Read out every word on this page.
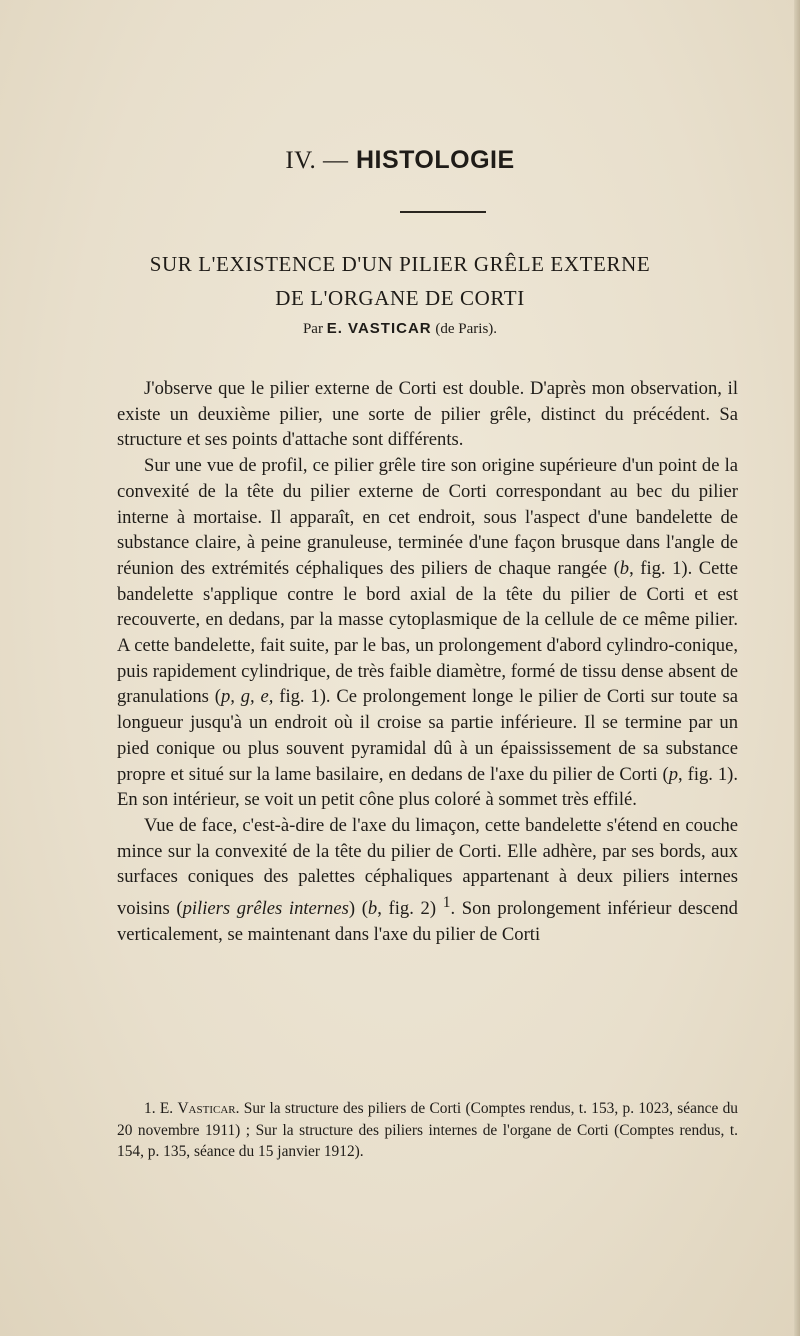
IV. — HISTOLOGIE
SUR L'EXISTENCE D'UN PILIER GRÊLE EXTERNE
DE L'ORGANE DE CORTI
Par E. VASTICAR (de Paris).

J'observe que le pilier externe de Corti est double. D'après mon observation, il existe un deuxième pilier, une sorte de pilier grêle, distinct du précédent. Sa structure et ses points d'attache sont différents.

Sur une vue de profil, ce pilier grêle tire son origine supérieure d'un point de la convexité de la tête du pilier externe de Corti correspondant au bec du pilier interne à mortaise. Il apparaît, en cet endroit, sous l'aspect d'une bandelette de substance claire, à peine granuleuse, terminée d'une façon brusque dans l'angle de réunion des extrémités céphaliques des piliers de chaque rangée (b, fig. 1). Cette bandelette s'applique contre le bord axial de la tête du pilier de Corti et est recouverte, en dedans, par la masse cytoplasmique de la cellule de ce même pilier. A cette bandelette, fait suite, par le bas, un prolongement d'abord cylindro-conique, puis rapidement cylindrique, de très faible diamètre, formé de tissu dense absent de granulations (p, g, e, fig. 1). Ce prolongement longe le pilier de Corti sur toute sa longueur jusqu'à un endroit où il croise sa partie inférieure. Il se termine par un pied conique ou plus souvent pyramidal dû à un épaississement de sa substance propre et situé sur la lame basilaire, en dedans de l'axe du pilier de Corti (p, fig. 1). En son intérieur, se voit un petit cône plus coloré à sommet très effilé.

Vue de face, c'est-à-dire de l'axe du limaçon, cette bandelette s'étend en couche mince sur la convexité de la tête du pilier de Corti. Elle adhère, par ses bords, aux surfaces coniques des palettes céphaliques appartenant à deux piliers internes voisins (piliers grêles internes) (b, fig. 2) $^1$. Son prolongement inférieur descend verticalement, se maintenant dans l'axe du pilier de Corti

1. E. Vasticar. Sur la structure des piliers de Corti (Comptes rendus, t. 153, p. 1023, séance du 20 novembre 1911) ; Sur la structure des piliers internes de l'organe de Corti (Comptes rendus, t. 154, p. 135, séance du 15 janvier 1912).
